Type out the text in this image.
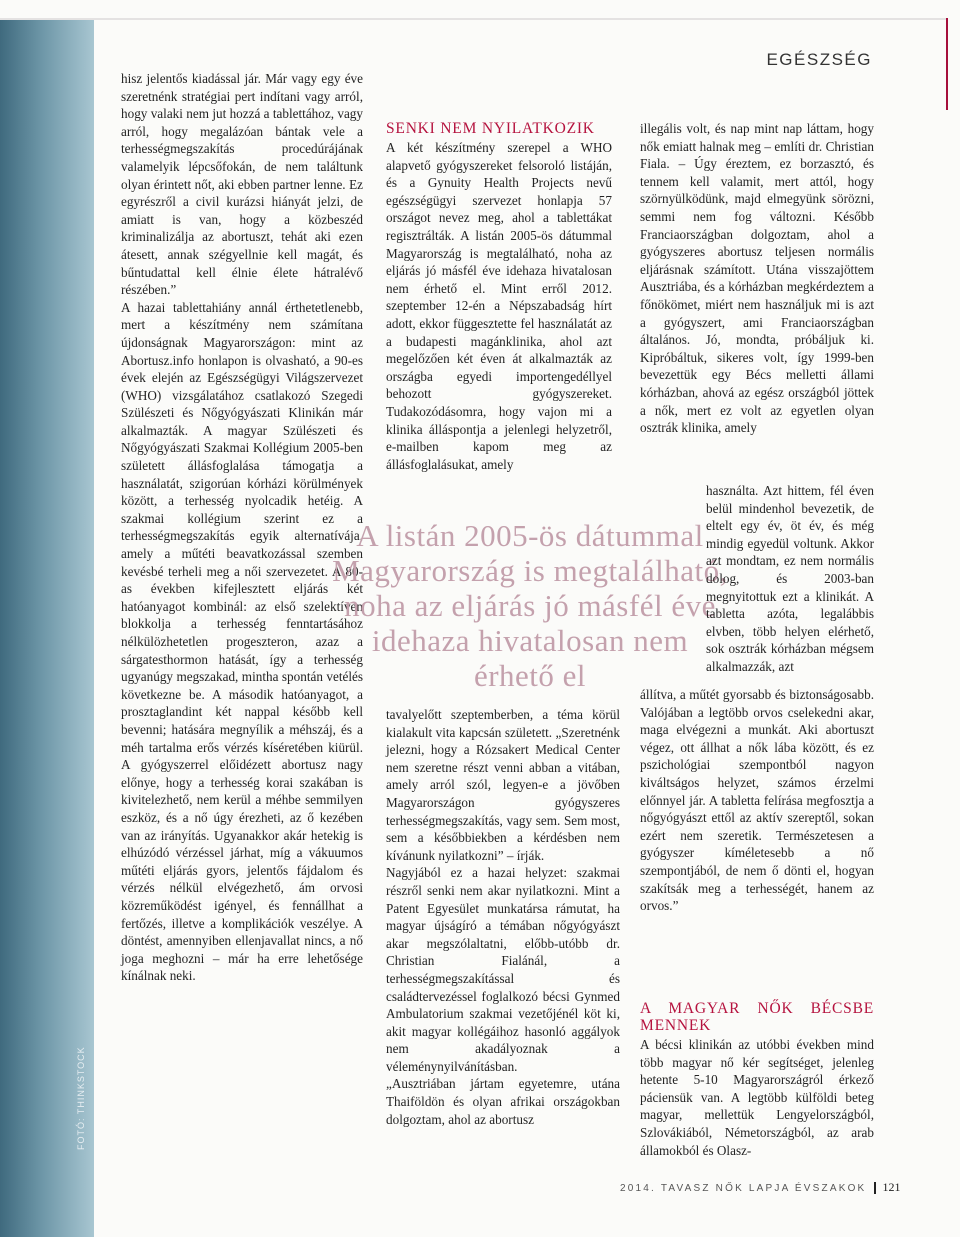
FOTÓ: THINKSTOCK
EGÉSZSÉG

hisz jelentős kiadással jár. Már vagy egy éve szeretnénk stratégiai pert indítani vagy arról, hogy valaki nem jut hozzá a tablettához, vagy arról, hogy megalázóan bántak vele a terhességmegszakítás procedúrájának valamelyik lépcsőfokán, de nem találtunk olyan érintett nőt, aki ebben partner lenne. Ez egyrészről a civil kurázsi hiányát jelzi, de amiatt is van, hogy a közbeszéd kriminalizálja az abortuszt, tehát aki ezen átesett, annak szégyellnie kell magát, és bűntudattal kell élnie élete hátralévő részében.”

A hazai tablettahiány annál érthetetlenebb, mert a készítmény nem számítana újdonságnak Magyarországon: mint az Abortusz.info honlapon is olvasható, a 90-es évek elején az Egészségügyi Világszervezet (WHO) vizsgálatához csatlakozó Szegedi Szülészeti és Nőgyógyászati Klinikán már alkalmazták. A magyar Szülészeti és Nőgyógyászati Szakmai Kollégium 2005-ben született állásfoglalása támogatja a használatát, szigorúan kórházi körülmények között, a terhesség nyolcadik hetéig. A szakmai kollégium szerint ez a terhességmegszakítás egyik alternatívája, amely a műtéti beavatkozással szemben kevésbé terheli meg a női szervezetet. A 80-as években kifejlesztett eljárás két hatóanyagot kombinál: az első szelektíven blokkolja a terhesség fenntartásához nélkülözhetetlen progeszteron, azaz a sárgatesthormon hatását, így a terhesség ugyanúgy megszakad, mintha spontán vetélés következne be. A második hatóanyagot, a prosztaglandint két nappal később kell bevenni; hatására megnyílik a méhszáj, és a méh tartalma erős vérzés kíséretében kiürül. A gyógyszerrel előidézett abortusz nagy előnye, hogy a terhesség korai szakában is kivitelezhető, nem kerül a méhbe semmilyen eszköz, és a nő úgy érezheti, az ő kezében van az irányítás. Ugyanakkor akár hetekig is elhúzódó vérzéssel járhat, míg a vákuumos műtéti eljárás gyors, jelentős fájdalom és vérzés nélkül elvégezhető, ám orvosi közreműködést igényel, és fennállhat a fertőzés, illetve a komplikációk veszélye. A döntést, amennyiben ellenjavallat nincs, a nő joga meghozni – már ha erre lehetősége kínálnak neki.

SENKI NEM NYILATKOZIK

A két készítmény szerepel a WHO alapvető gyógyszereket felsoroló listáján, és a Gynuity Health Projects nevű egészségügyi szervezet honlapja 57 országot nevez meg, ahol a tablettákat regisztrálták. A listán 2005-ös dátummal Magyarország is megtalálható, noha az eljárás jó másfél éve idehaza hivatalosan nem érhető el. Mint erről 2012. szeptember 12-én a Népszabadság hírt adott, ekkor függesztette fel használatát az a budapesti magánklinika, ahol azt megelőzően két éven át alkalmazták az országba egyedi importengedéllyel behozott gyógyszereket. Tudakozódásomra, hogy vajon mi a klinika álláspontja a jelenlegi helyzetről, e-mailben kapom meg az állásfoglalásukat, amely

A listán 2005-ös dátummal Magyarország is megtalálható, noha az eljárás jó másfél éve idehaza hivatalosan nem érhető el

tavalyelőtt szeptemberben, a téma körül kialakult vita kapcsán született. „Szeretnénk jelezni, hogy a Rózsakert Medical Center nem szeretne részt venni abban a vitában, amely arról szól, legyen-e a jövőben Magyarországon gyógyszeres terhességmegszakítás, vagy sem. Sem most, sem a későbbiekben a kérdésben nem kívánunk nyilatkozni” – írják.

Nagyjából ez a hazai helyzet: szakmai részről senki nem akar nyilatkozni. Mint a Patent Egyesület munkatársa rámutat, ha magyar újságíró a témában nőgyógyászt akar megszólaltatni, előbb-utóbb dr. Christian Fialánál, a terhességmegszakítással és családtervezéssel foglalkozó bécsi Gynmed Ambulatorium szakmai vezetőjénél köt ki, akit magyar kollégáihoz hasonló aggályok nem akadályoznak a véleménynyilvánításban.

„Ausztriában jártam egyetemre, utána Thaiföldön és olyan afrikai országokban dolgoztam, ahol az abortusz

illegális volt, és nap mint nap láttam, hogy nők emiatt halnak meg – említi dr. Christian Fiala. – Úgy éreztem, ez borzasztó, és tennem kell valamit, mert attól, hogy szörnyülködünk, majd elmegyünk sörözni, semmi nem fog változni. Később Franciaországban dolgoztam, ahol a gyógyszeres abortusz teljesen normális eljárásnak számított. Utána visszajöttem Ausztriába, és a kórházban megkérdeztem a főnökömet, miért nem használjuk mi is azt a gyógyszert, ami Franciaországban általános. Jó, mondta, próbáljuk ki. Kipróbáltuk, sikeres volt, így 1999-ben bevezettük egy Bécs melletti állami kórházban, ahová az egész országból jöttek a nők, mert ez volt az egyetlen olyan osztrák klinika, amely

használta. Azt hittem, fél éven belül mindenhol bevezetik, de eltelt egy év, öt év, és még mindig egyedül voltunk. Akkor azt mondtam, ez nem normális dolog, és 2003-ban megnyitottuk ezt a klinikát. A tabletta azóta, legalábbis elvben, több helyen elérhető, sok osztrák kórházban mégsem alkalmazzák, azt

állítva, a műtét gyorsabb és biztonságosabb. Valójában a legtöbb orvos cselekedni akar, maga elvégezni a munkát. Aki abortuszt végez, ott állhat a nők lába között, és ez pszichológiai szempontból nagyon kiváltságos helyzet, számos érzelmi előnnyel jár. A tabletta felírása megfosztja a nőgyógyászt ettől az aktív szereptől, sokan ezért nem szeretik. Természetesen a gyógyszer kíméletesebb a nő szempontjából, de nem ő dönti el, hogyan szakítsák meg a terhességét, hanem az orvos.”

A MAGYAR NŐK BÉCSBE MENNEK

A bécsi klinikán az utóbbi években mind több magyar nő kér segítséget, jelenleg hetente 5-10 Magyarországról érkező páciensük van. A legtöbb külföldi beteg magyar, mellettük Lengyelországból, Szlovákiából, Németországból, az arab államokból és Olasz-

2014. TAVASZ NŐK LAPJA ÉVSZAKOK 121
